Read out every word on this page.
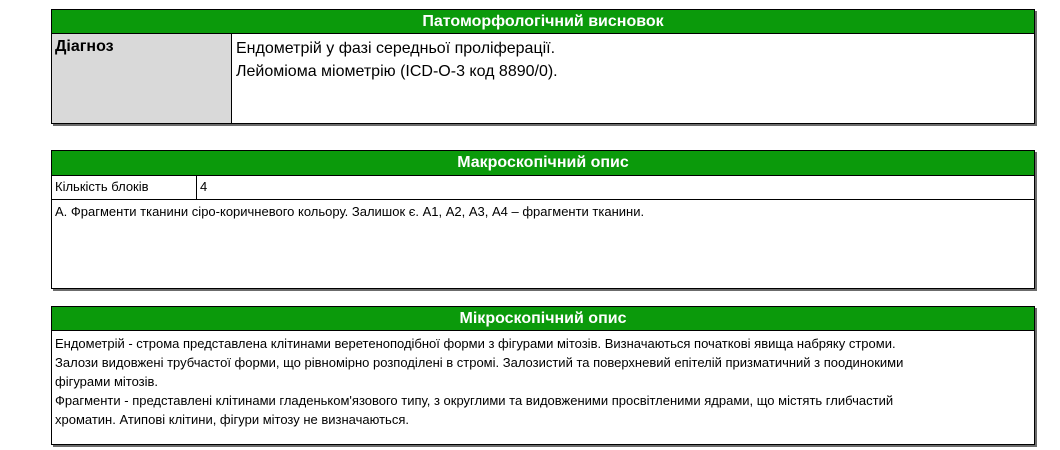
Патоморфологічний висновок
Діагноз	Ендометрій у фазі середньої проліферації.
Лейоміома міометрію (ICD-O-3 код 8890/0).
Макроскопічний опис
Кількість блоків	4
А. Фрагменти тканини сіро-коричневого кольору. Залишок є. А1, А2, А3, А4 – фрагменти тканини.
Мікроскопічний опис
Ендометрій - строма представлена клітинами веретеноподібної форми з фігурами мітозів. Визначаються початкові явища набряку строми.
Залози видовжені трубчастої форми, що рівномірно розподілені в стромі. Залозистий та поверхневий епітелій призматичний з поодинокими
фігурами мітозів.
Фрагменти - представлені клітинами гладеньком'язового типу, з округлими та видовженими просвітленими ядрами, що містять глибчастий
хроматин. Атипові клітини, фігури мітозу не визначаються.
